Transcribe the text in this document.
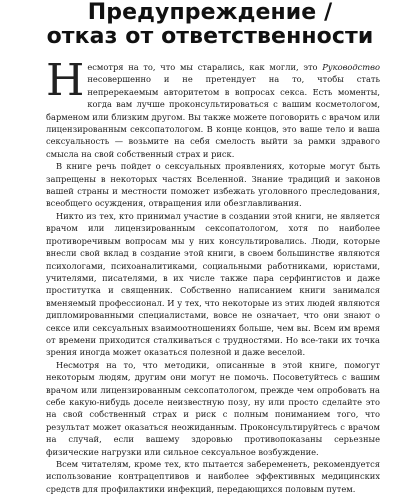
Предупреждение /
отказ от ответственности

Несмотря на то, что мы старались, как могли, это Руководство несовершенно и не претендует на то, чтобы стать непререкаемым авторитетом в вопросах секса. Есть моменты, когда вам лучше проконсультироваться с вашим косметологом, барменом или близким другом. Вы также можете поговорить с врачом или лицензированным сексопатологом. В конце концов, это ваше тело и ваша сексуальность — возьмите на себя смелость выйти за рамки здравого смысла на свой собственный страх и риск.

В книге речь пойдет о сексуальных проявлениях, которые могут быть запрещены в некоторых частях Вселенной. Знание традиций и законов вашей страны и местности поможет избежать уголовного преследования, всеобщего осуждения, отвращения или обезглавливания.

Никто из тех, кто принимал участие в создании этой книги, не является врачом или лицензированным сексопатологом, хотя по наиболее противоречивым вопросам мы у них консультировались. Люди, которые внесли свой вклад в создание этой книги, в своем большинстве являются психологами, психоаналитиками, социальными работниками, юристами, учителями, писателями, в их числе также пара серфингистов и даже проститутка и священник. Собственно написанием книги занимался вменяемый профессионал. И у тех, что некоторые из этих людей являются дипломированными специалистами, вовсе не означает, что они знают о сексе или сексуальных взаимоотношениях больше, чем вы. Всем им время от времени приходится сталкиваться с трудностями. Но все-таки их точка зрения иногда может оказаться полезной и даже веселой.

Несмотря на то, что методики, описанные в этой книге, помогут некоторым людям, другим они могут не помочь. Посоветуйтесь с вашим врачом или лицензированным сексопатологом, прежде чем опробовать на себе какую-нибудь доселе неизвестную позу, ну или просто сделайте это на свой собственный страх и риск с полным пониманием того, что результат может оказаться неожиданным. Проконсультируйтесь с врачом на случай, если вашему здоровью противопоказаны серьезные физические нагрузки или сильное сексуальное возбуждение.

Всем читателям, кроме тех, кто пытается забеременеть, рекомендуется использование контрацептивов и наиболее эффективных медицинских средств для профилактики инфекций, передающихся половым путем.
